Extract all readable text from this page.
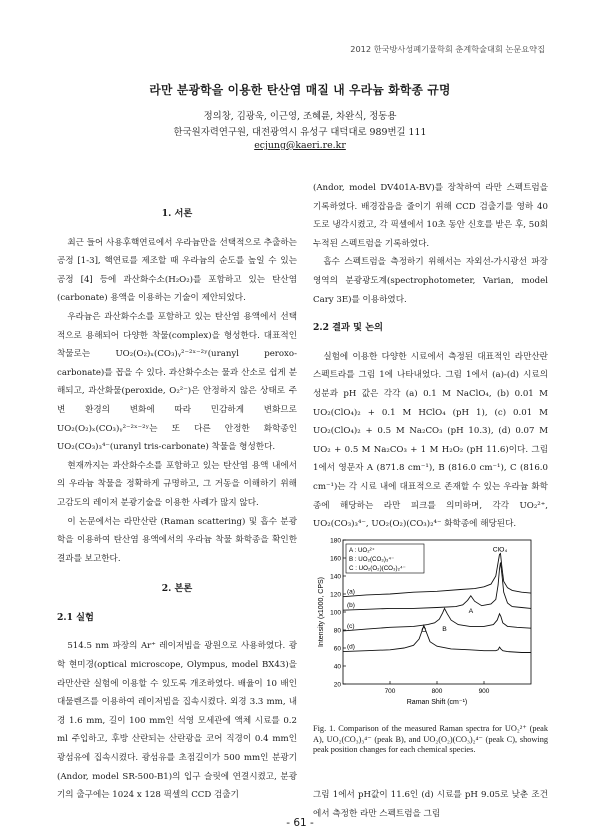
2012 한국방사성폐기물학회 춘계학술대회 논문요약집
라만 분광학을 이용한 탄산염 매질 내 우라늄 화학종 규명
정의창, 김광욱, 이근영, 조혜륜, 차완식, 정동용
한국원자력연구원, 대전광역시 유성구 대덕대로 989번길 111
ecjung@kaeri.re.kr
1. 서론

최근 들어 사용후핵연료에서 우라늄만을 선택적으로 추출하는 공정 [1-3], 핵연료를 제조할 때 우라늄의 순도를 높일 수 있는 공정 [4] 등에 과산화수소(H₂O₂)를 포함하고 있는 탄산염(carbonate) 용액을 이용하는 기술이 제안되었다.

우라늄은 과산화수소를 포함하고 있는 탄산염 용액에서 선택적으로 용해되어 다양한 착물(complex)을 형성한다. 대표적인 착물로는 UO₂(O₂)ₓ(CO₃)ᵧ²⁻²ˣ⁻²ʸ(uranyl peroxo-carbonate)를 꼽을 수 있다. 과산화수소는 물과 산소로 쉽게 분해되고, 과산화물(peroxide, O₂²⁻)은 안정하지 않은 상태로 주변 환경의 변화에 따라 민감하게 변화므로 UO₂(O₂)ₓ(CO₃)ᵧ²⁻²ˣ⁻²ʸ는 또 다른 안정한 화학종인 UO₂(CO₃)₃⁴⁻(uranyl tris-carbonate) 착물을 형성한다.

현재까지는 과산화수소를 포함하고 있는 탄산염 용액 내에서의 우라늄 착물을 정확하게 규명하고, 그 거동을 이해하기 위해 고감도의 레이저 분광기술을 이용한 사례가 많지 않다.

이 논문에서는 라만산란 (Raman scattering) 및 흡수 분광학을 이용하여 탄산염 용액에서의 우라늄 착물 화학종을 확인한 결과를 보고한다.

2. 본론
2.1 실험

514.5 nm 파장의 Ar⁺ 레이저빔을 광원으로 사용하였다. 광학 현미경(optical microscope, Olympus, model BX43)을 라만산란 실험에 이용할 수 있도록 개조하였다. 배율이 10 배인 대물렌즈를 이용하여 레이저빔을 집속시켰다. 외경 3.3 mm, 내경 1.6 mm, 길이 100 mm인 석영 모세관에 액체 시료를 0.2 ml 주입하고, 후방 산란되는 산란광을 코어 직경이 0.4 mm인 광섬유에 집속시켰다. 광섬유를 초점길이가 500 mm인 분광기(Andor, model SR-500-B1)의 입구 슬릿에 연결시켰고, 분광기의 출구에는 1024 x 128 픽셀의 CCD 검출기

(Andor, model DV401A-BV)를 장착하여 라만 스펙트럼을 기록하였다. 배경잡음을 줄이기 위해 CCD 검출기를 영하 40도로 냉각시켰고, 각 픽셀에서 10초 동안 신호를 받은 후, 50회 누적된 스펙트럼을 기록하였다.

흡수 스펙트럼을 측정하기 위해서는 자외선-가시광선 파장 영역의 분광광도계(spectrophotometer, Varian, model Cary 3E)를 이용하였다.

2.2 결과 및 논의

실험에 이용한 다양한 시료에서 측정된 대표적인 라만산란 스펙트라를 그림 1에 나타내었다. 그림 1에서 (a)-(d) 시료의 성분과 pH 값은 각각 (a) 0.1 M NaClO₄, (b) 0.01 M UO₂(ClO₄)₂ + 0.1 M HClO₄ (pH 1), (c) 0.01 M UO₂(ClO₄)₂ + 0.5 M Na₂CO₃ (pH 10.3), (d) 0.07 M UO₂ + 0.5 M Na₂CO₃ + 1 M H₂O₂ (pH 11.6)이다. 그림 1에서 영문자 A (871.8 cm⁻¹), B (816.0 cm⁻¹), C (816.0 cm⁻¹)는 각 시료 내에 대표적으로 존재할 수 있는 우라늄 화학종에 해당하는 라만 피크를 의미하며, 각각 UO₂²⁺, UO₂(CO₃)₃⁴⁻, UO₂(O₂)(CO₃)₂⁴⁻ 화학종에 해당된다.

20
40
60
80
100
120
140
160
180
700	800	900
Raman Shift (cm⁻¹)
Intensity (x1000, CPS)	(a)
(b)
(c)
(d)
A : UO₂²⁺
B : UO₂(CO₃)₃⁴⁻
C : UO₂(O₂)(CO₃)₂⁴⁻
ClO₄
A
B
C
Fig. 1. Comparison of the measured Raman spectra for UO₂²⁺ (peak A), UO₂(CO₃)₃⁴⁻ (peak B), and UO₂(O₂)(CO₃)₂⁴⁻ (peak C), showing peak position changes for each chemical species.
그림 1에서 pH값이 11.6인 (d) 시료를 pH 9.05로 낮춘 조건에서 측정한 라만 스펙트럼을 그림
- 61 -
